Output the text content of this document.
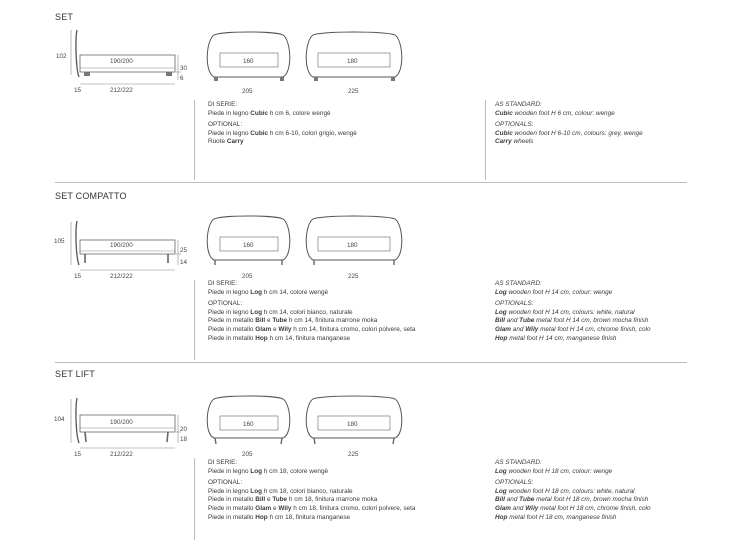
SET
102
190/200
30
6
15	212/222
160
205
180
225
DI SERIE:
Piede in legno Cubic h cm 6, colore wengè
OPTIONAL:
Piede in legno Cubic h cm 6-10, colori grigio, wengè
Ruote Carry
AS STANDARD:
Cubic wooden foot H 6 cm, colour: wenge
OPTIONALS:
Cubic wooden foot H 6-10 cm, colours: grey, wenge
Carry wheels
SET COMPATTO
105
190/200
25
14
15	212/222
160
205
180
225
DI SERIE:
Piede in legno Log h cm 14, colore wengè
OPTIONAL:
Piede in legno Log h cm 14, colori bianco, naturale
Piede in metallo Bill e Tube h cm 14, finitura marrone moka
Piede in metallo Glam e Wily h cm 14, finitura cromo, colori polvere, seta
Piede in metallo Hop h cm 14, finitura manganese
AS STANDARD:
Log wooden foot H 14 cm, colour: wenge
OPTIONALS:
Log wooden foot H 14 cm, colours: white, natural
Bill and Tube metal foot H 14 cm, brown mocha finish
Glam and Wily metal foot H 14 cm, chrome finish, colo
Hop metal foot H 14 cm, manganese finish
SET LIFT
104	190/200
20
18
15	212/222
160
205
180
225
DI SERIE:
Piede in legno Log h cm 18, colore wengè
OPTIONAL:
Piede in legno Log h cm 18, colori bianco, naturale
Piede in metallo Bill e Tube h cm 18, finitura marrone moka
Piede in metallo Glam e Wily h cm 18, finitura cromo, colori polvere, seta
Piede in metallo Hop h cm 18, finitura manganese
AS STANDARD:
Log wooden foot H 18 cm, colour: wenge
OPTIONALS:
Log wooden foot H 18 cm, colours: white, natural
Bill and Tube metal foot H 18 cm, brown mocha finish
Glam and Wily metal foot H 18 cm, chrome finish, colo
Hop metal foot H 18 cm, manganese finish
